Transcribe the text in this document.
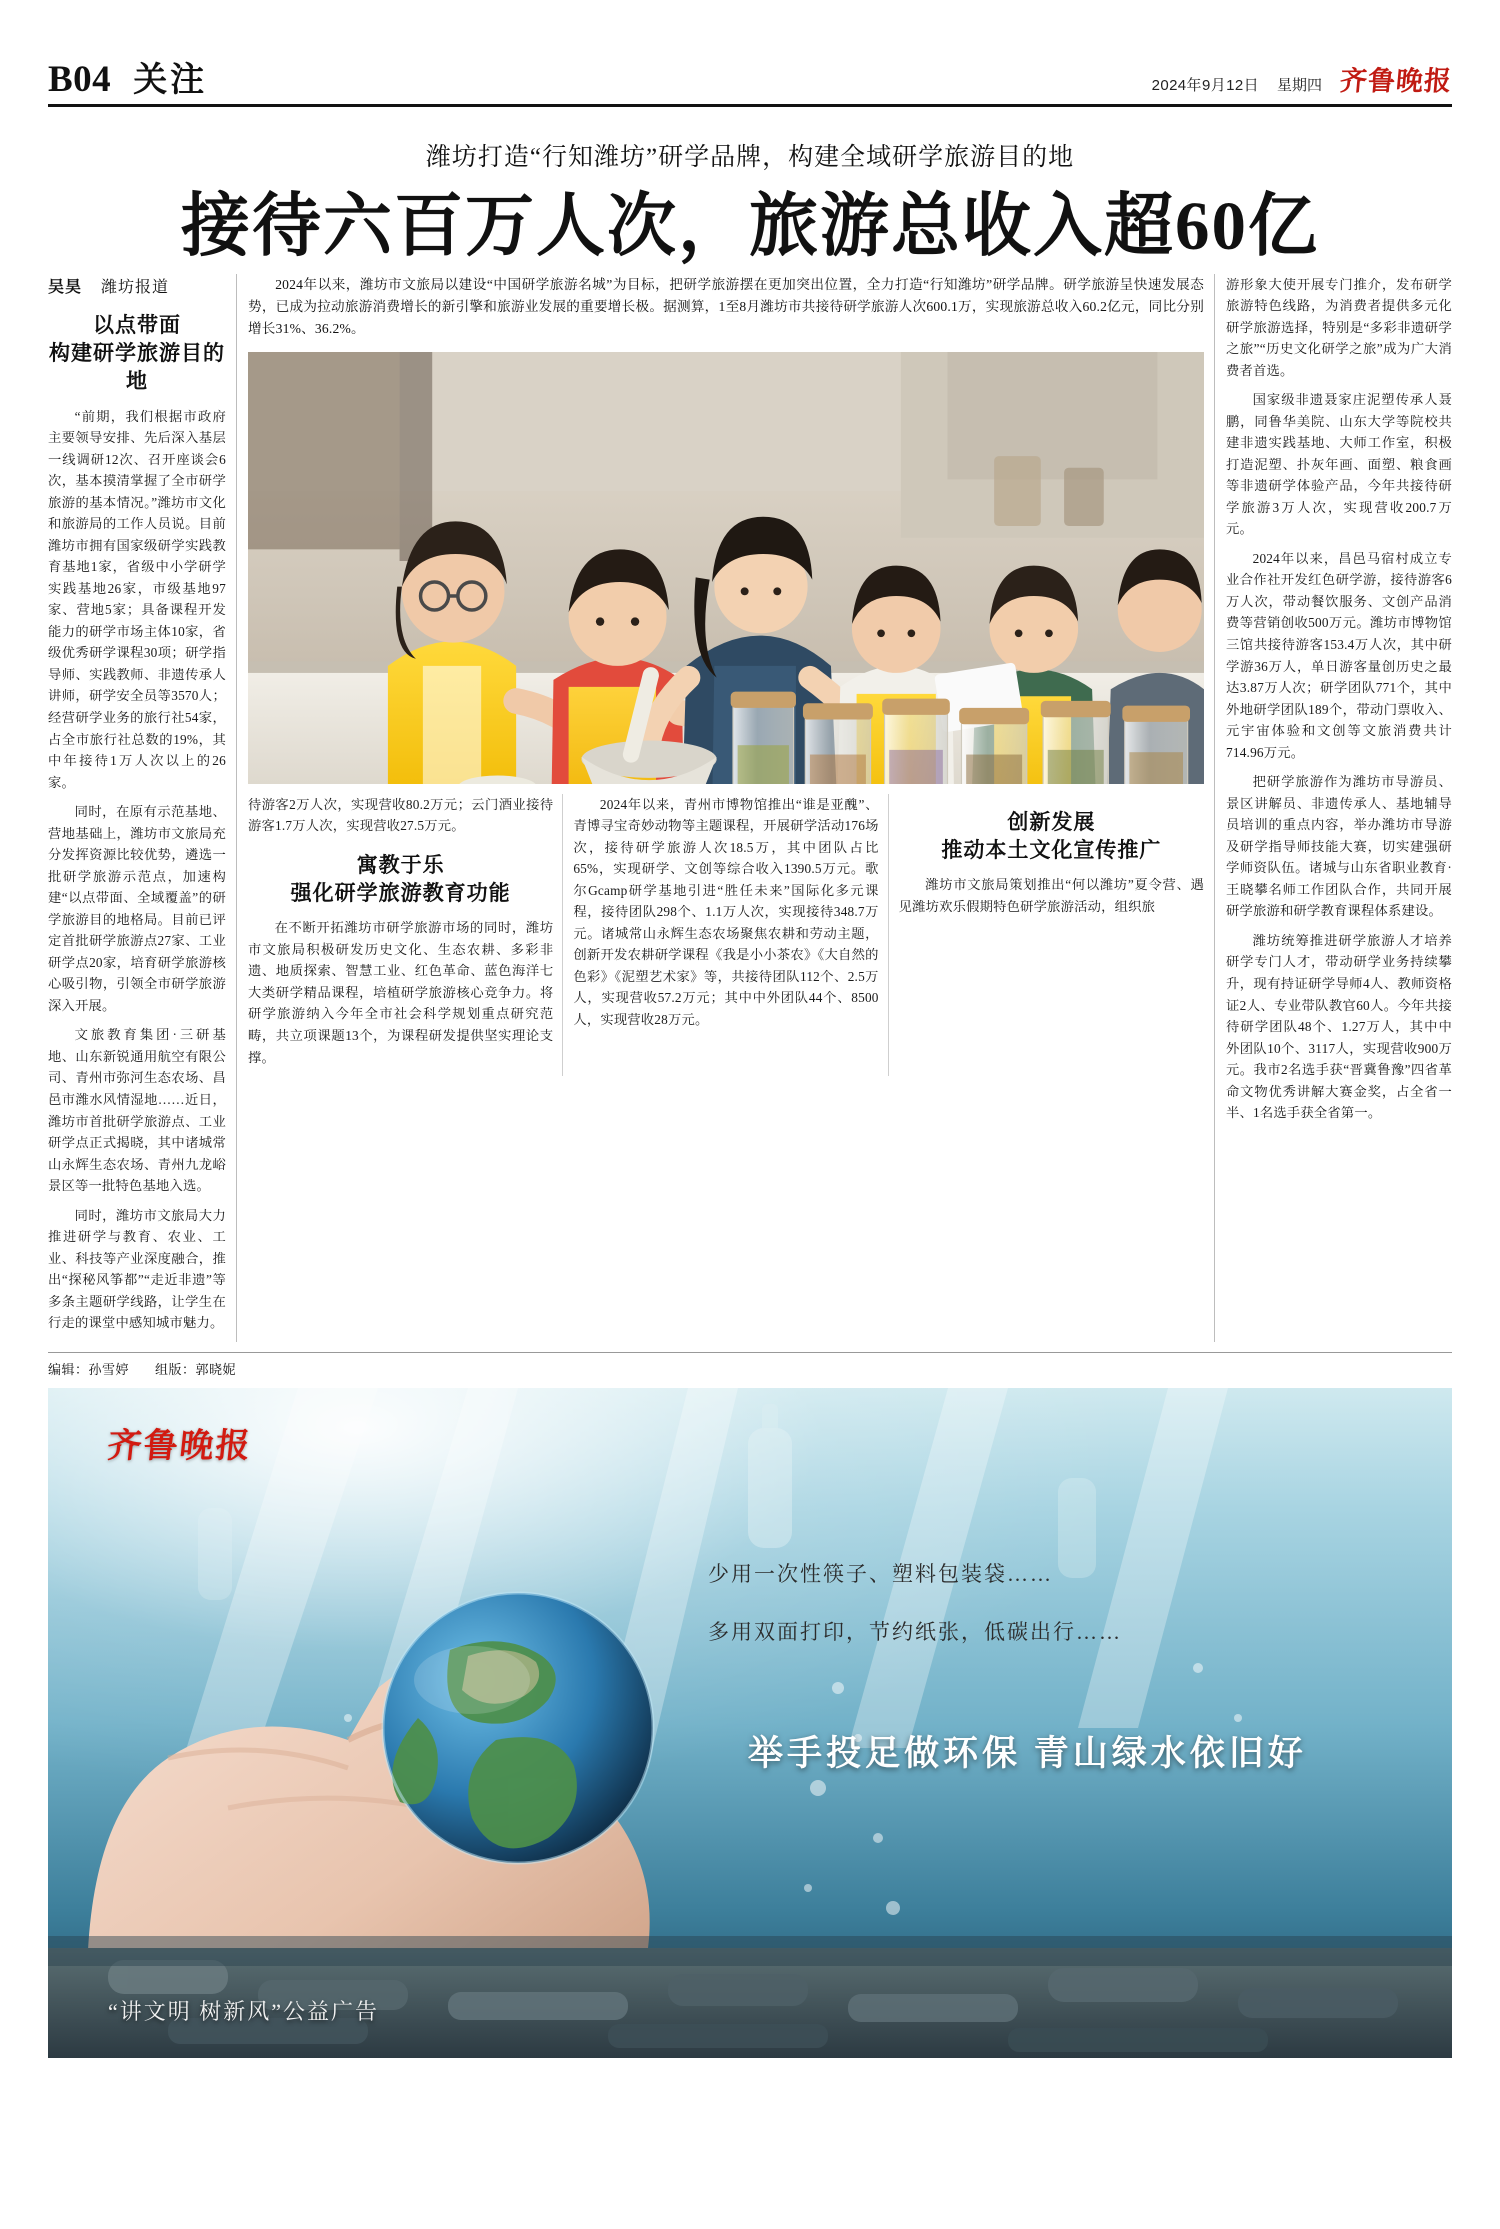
B04 关注	2024年9月12日 星期四 齐鲁晚报
潍坊打造“行知潍坊”研学品牌，构建全域研学旅游目的地
接待六百万人次，旅游总收入超60亿
吴昊 潍坊报道
以点带面
构建研学旅游目的地

“前期，我们根据市政府主要领导安排、先后深入基层一线调研12次、召开座谈会6次，基本摸清掌握了全市研学旅游的基本情况。”潍坊市文化和旅游局的工作人员说。目前潍坊市拥有国家级研学实践教育基地1家，省级中小学研学实践基地26家，市级基地97家、营地5家；具备课程开发能力的研学市场主体10家，省级优秀研学课程30项；研学指导师、实践教师、非遗传承人讲师，研学安全员等3570人；经营研学业务的旅行社54家，占全市旅行社总数的19%，其中年接待1万人次以上的26家。

同时，在原有示范基地、营地基础上，潍坊市文旅局充分发挥资源比较优势，遴选一批研学旅游示范点，加速构建“以点带面、全域覆盖”的研学旅游目的地格局。目前已评定首批研学旅游点27家、工业研学点20家，培育研学旅游核心吸引物，引领全市研学旅游深入开展。

文旅教育集团·三研基地、山东新锐通用航空有限公司、青州市弥河生态农场、昌邑市潍水风情湿地……近日，潍坊市首批研学旅游点、工业研学点正式揭晓，其中诸城常山永辉生态农场、青州九龙峪景区等一批特色基地入选。

同时，潍坊市文旅局大力推进研学与教育、农业、工业、科技等产业深度融合，推出“探秘风筝都”“走近非遗”等多条主题研学线路，让学生在行走的课堂中感知城市魅力。

2024年以来，潍坊市文旅局以建设“中国研学旅游名城”为目标，把研学旅游摆在更加突出位置，全力打造“行知潍坊”研学品牌。研学旅游呈快速发展态势，已成为拉动旅游消费增长的新引擎和旅游业发展的重要增长极。据测算，1至8月潍坊市共接待研学旅游人次600.1万，实现旅游总收入60.2亿元，同比分别增长31%、36.2%。

待游客2万人次，实现营收80.2万元；云门酒业接待游客1.7万人次，实现营收27.5万元。

寓教于乐
强化研学旅游教育功能

在不断开拓潍坊市研学旅游市场的同时，潍坊市文旅局积极研发历史文化、生态农耕、多彩非遗、地质探索、智慧工业、红色革命、蓝色海洋七大类研学精品课程，培植研学旅游核心竞争力。将研学旅游纳入今年全市社会科学规划重点研究范畴，共立项课题13个，为课程研发提供坚实理论支撑。

2024年以来，青州市博物馆推出“谁是亚醜”、青博寻宝奇妙动物等主题课程，开展研学活动176场次，接待研学旅游人次18.5万，其中团队占比65%，实现研学、文创等综合收入1390.5万元。歌尔Gcamp研学基地引进“胜任未来”国际化多元课程，接待团队298个、1.1万人次，实现接待348.7万元。诸城常山永辉生态农场聚焦农耕和劳动主题，创新开发农耕研学课程《我是小小茶农》《大自然的色彩》《泥塑艺术家》等，共接待团队112个、2.5万人，实现营收57.2万元；其中中外团队44个、8500人，实现营收28万元。

创新发展
推动本土文化宣传推广

潍坊市文旅局策划推出“何以潍坊”夏令营、遇见潍坊欢乐假期特色研学旅游活动，组织旅

游形象大使开展专门推介，发布研学旅游特色线路，为消费者提供多元化研学旅游选择，特别是“多彩非遗研学之旅”“历史文化研学之旅”成为广大消费者首选。

国家级非遗聂家庄泥塑传承人聂鹏，同鲁华美院、山东大学等院校共建非遗实践基地、大师工作室，积极打造泥塑、扑灰年画、面塑、粮食画等非遗研学体验产品，今年共接待研学旅游3万人次，实现营收200.7万元。

2024年以来，昌邑马宿村成立专业合作社开发红色研学游，接待游客6万人次，带动餐饮服务、文创产品消费等营销创收500万元。潍坊市博物馆三馆共接待游客153.4万人次，其中研学游36万人，单日游客量创历史之最达3.87万人次；研学团队771个，其中外地研学团队189个，带动门票收入、元宇宙体验和文创等文旅消费共计714.96万元。

把研学旅游作为潍坊市导游员、景区讲解员、非遗传承人、基地辅导员培训的重点内容，举办潍坊市导游及研学指导师技能大赛，切实建强研学师资队伍。诸城与山东省职业教育·王晓攀名师工作团队合作，共同开展研学旅游和研学教育课程体系建设。

潍坊统筹推进研学旅游人才培养研学专门人才，带动研学业务持续攀升，现有持证研学导师4人、教师资格证2人、专业带队教官60人。今年共接待研学团队48个、1.27万人，其中中外团队10个、3117人，实现营收900万元。我市2名选手获“晋冀鲁豫”四省革命文物优秀讲解大赛金奖，占全省一半、1名选手获全省第一。

编辑：孙雪婷 组版：郭晓妮
齐鲁晚报
少用一次性筷子、塑料包装袋……
多用双面打印，节约纸张，低碳出行……
举手投足做环保 青山绿水依旧好
“讲文明 树新风”公益广告
